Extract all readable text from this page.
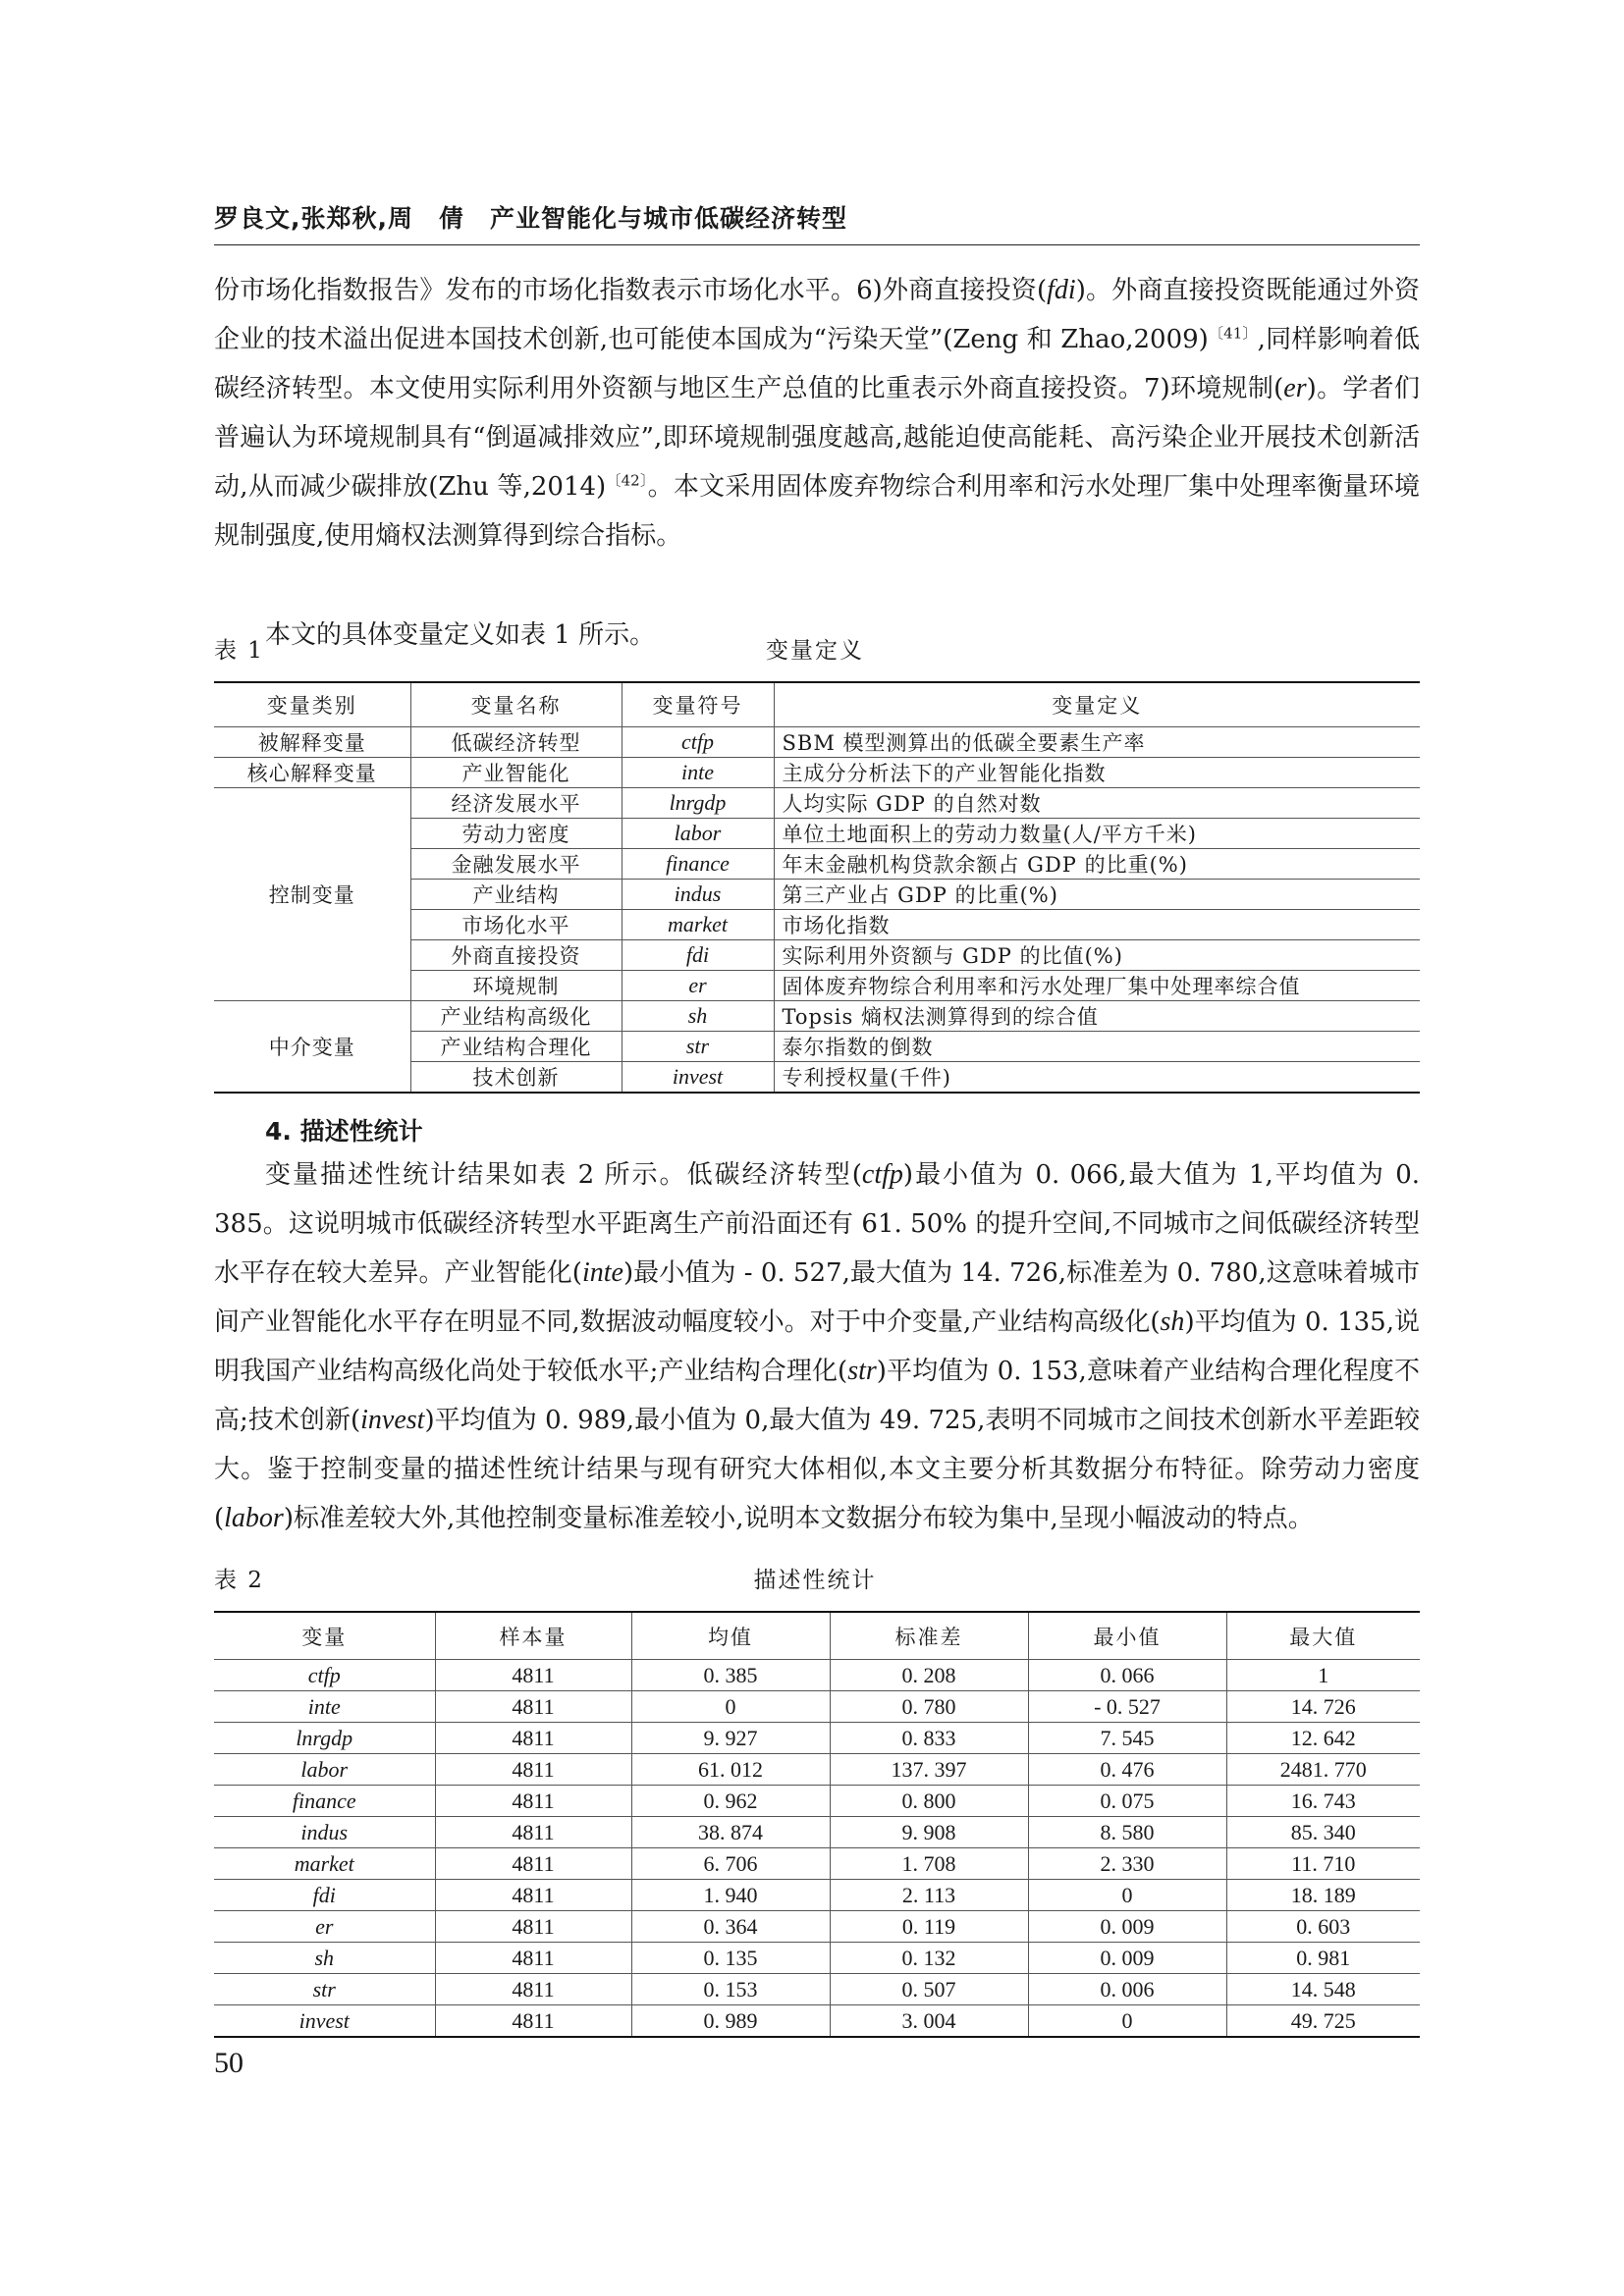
罗良文,张郑秋,周　倩　产业智能化与城市低碳经济转型
份市场化指数报告》发布的市场化指数表示市场化水平。6)外商直接投资(fdi)。外商直接投资既能通过外资企业的技术溢出促进本国技术创新,也可能使本国成为“污染天堂”(Zeng 和 Zhao,2009)$^{〔41〕}$,同样影响着低碳经济转型。本文使用实际利用外资额与地区生产总值的比重表示外商直接投资。7)环境规制(er)。学者们普遍认为环境规制具有“倒逼减排效应”,即环境规制强度越高,越能迫使高能耗、高污染企业开展技术创新活动,从而减少碳排放(Zhu 等,2014)$^{〔42〕}$。本文采用固体废弃物综合利用率和污水处理厂集中处理率衡量环境规制强度,使用熵权法测算得到综合指标。
本文的具体变量定义如表 1 所示。
表 1	变量定义
变量类别	变量名称	变量符号	变量定义
被解释变量	低碳经济转型	ctfp	SBM 模型测算出的低碳全要素生产率
核心解释变量	产业智能化	inte	主成分分析法下的产业智能化指数
控制变量	经济发展水平	lnrgdp	人均实际 GDP 的自然对数
	劳动力密度	labor	单位土地面积上的劳动力数量(人/平方千米)
	金融发展水平	finance	年末金融机构贷款余额占 GDP 的比重(%)
	产业结构	indus	第三产业占 GDP 的比重(%)
	市场化水平	market	市场化指数
	外商直接投资	fdi	实际利用外资额与 GDP 的比值(%)
	环境规制	er	固体废弃物综合利用率和污水处理厂集中处理率综合值
中介变量	产业结构高级化	sh	Topsis 熵权法测算得到的综合值
	产业结构合理化	str	泰尔指数的倒数
	技术创新	invest	专利授权量(千件)
4. 描述性统计
变量描述性统计结果如表 2 所示。低碳经济转型(ctfp)最小值为 0. 066,最大值为 1,平均值为 0. 385。这说明城市低碳经济转型水平距离生产前沿面还有 61. 50% 的提升空间,不同城市之间低碳经济转型水平存在较大差异。产业智能化(inte)最小值为 - 0. 527,最大值为 14. 726,标准差为 0. 780,这意味着城市间产业智能化水平存在明显不同,数据波动幅度较小。对于中介变量,产业结构高级化(sh)平均值为 0. 135,说明我国产业结构高级化尚处于较低水平;产业结构合理化(str)平均值为 0. 153,意味着产业结构合理化程度不高;技术创新(invest)平均值为 0. 989,最小值为 0,最大值为 49. 725,表明不同城市之间技术创新水平差距较大。鉴于控制变量的描述性统计结果与现有研究大体相似,本文主要分析其数据分布特征。除劳动力密度(labor)标准差较大外,其他控制变量标准差较小,说明本文数据分布较为集中,呈现小幅波动的特点。
表 2	描述性统计
变量	样本量	均值	标准差	最小值	最大值
ctfp	4811	0. 385	0. 208	0. 066	1
inte	4811	0	0. 780	- 0. 527	14. 726
lnrgdp	4811	9. 927	0. 833	7. 545	12. 642
labor	4811	61. 012	137. 397	0. 476	2481. 770
finance	4811	0. 962	0. 800	0. 075	16. 743
indus	4811	38. 874	9. 908	8. 580	85. 340
market	4811	6. 706	1. 708	2. 330	11. 710
fdi	4811	1. 940	2. 113	0	18. 189
er	4811	0. 364	0. 119	0. 009	0. 603
sh	4811	0. 135	0. 132	0. 009	0. 981
str	4811	0. 153	0. 507	0. 006	14. 548
invest	4811	0. 989	3. 004	0	49. 725
50
